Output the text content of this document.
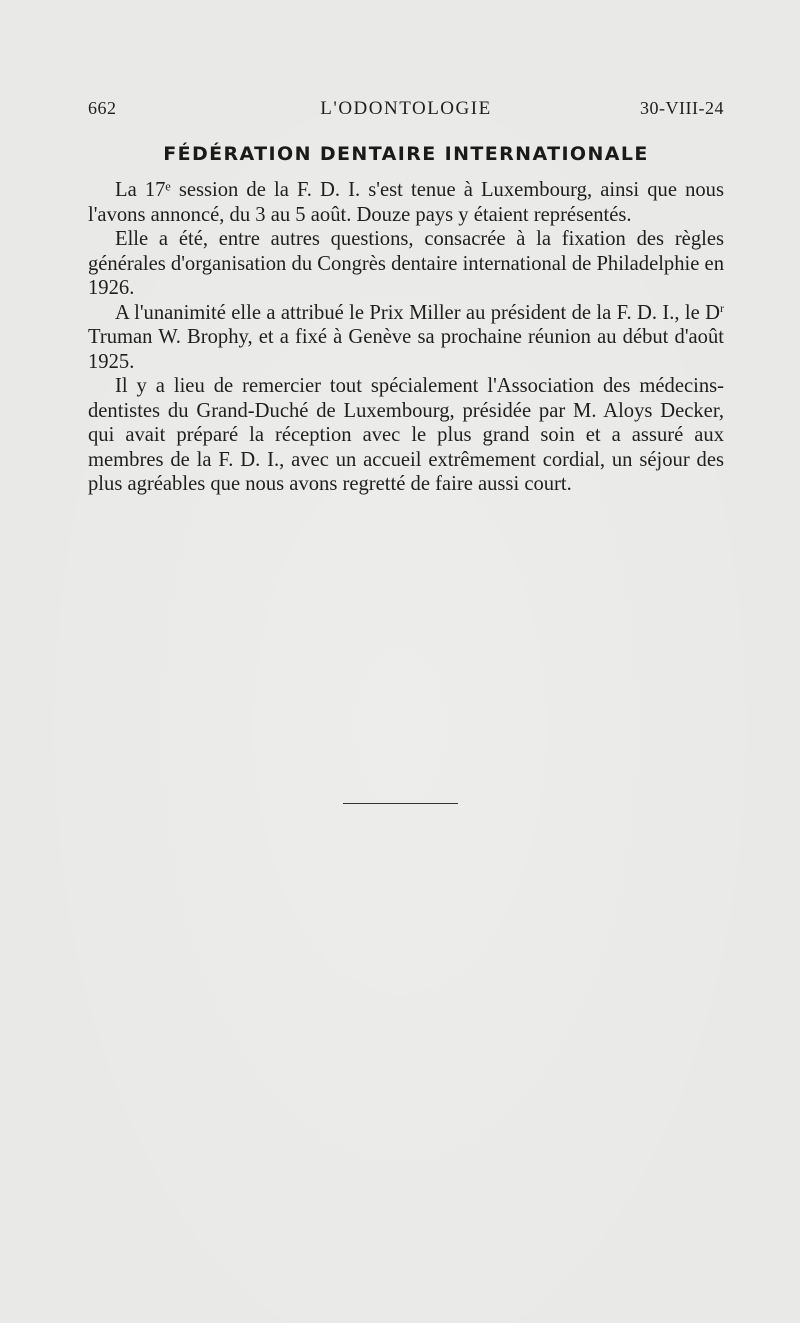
662	L'ODONTOLOGIE	30-VIII-24
FÉDÉRATION DENTAIRE INTERNATIONALE

La 17ᵉ session de la F. D. I. s'est tenue à Luxembourg, ainsi que nous l'avons annoncé, du 3 au 5 août. Douze pays y étaient représentés.

Elle a été, entre autres questions, consacrée à la fixation des règles générales d'organisation du Congrès dentaire international de Philadelphie en 1926.

A l'unanimité elle a attribué le Prix Miller au président de la F. D. I., le $D^r$ Truman W. Brophy, et a fixé à Genève sa prochaine réunion au début d'août 1925.

Il y a lieu de remercier tout spécialement l'Association des médecins-dentistes du Grand-Duché de Luxembourg, présidée par M. Aloys Decker, qui avait préparé la réception avec le plus grand soin et a assuré aux membres de la F. D. I., avec un accueil extrêmement cordial, un séjour des plus agréables que nous avons regretté de faire aussi court.
